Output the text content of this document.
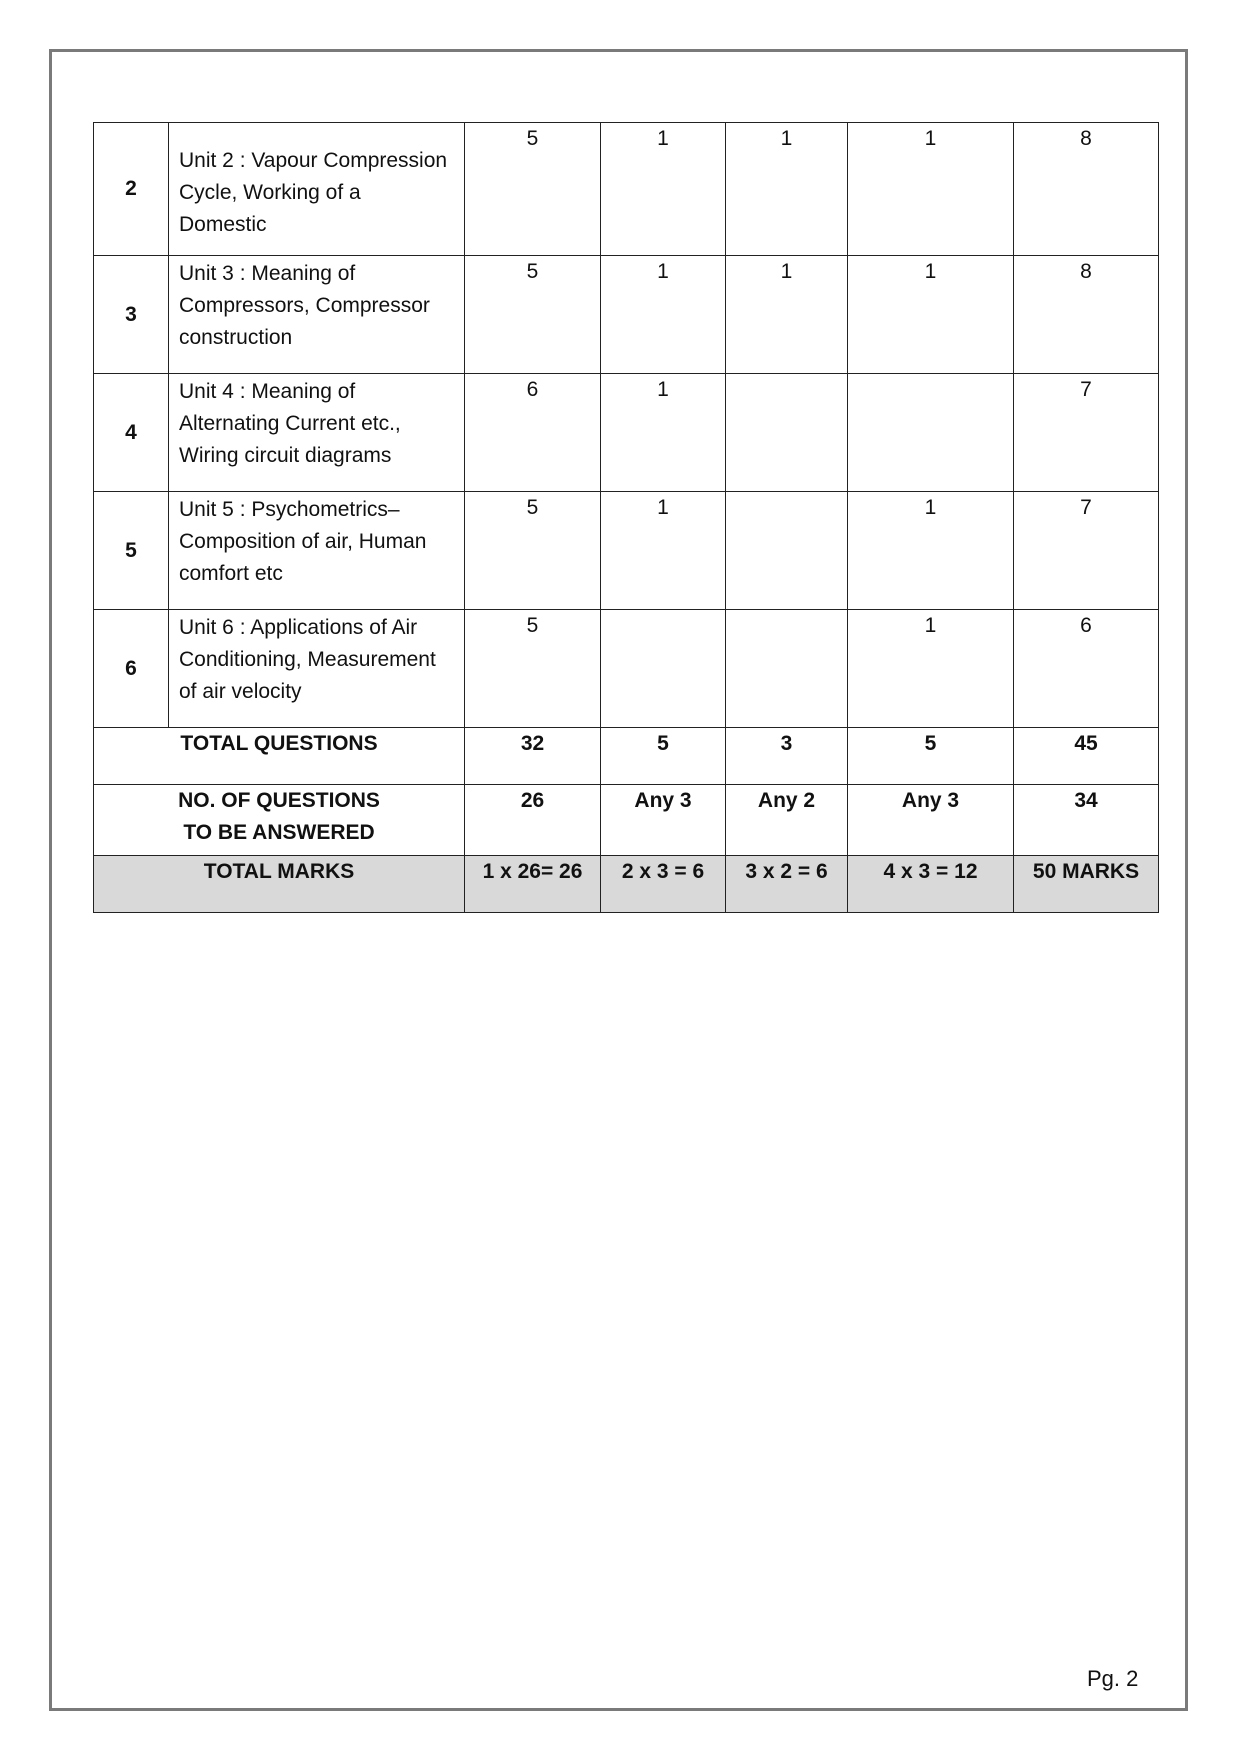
2	Unit 2 : Vapour Compression
Cycle, Working of a Domestic	5	1	1	1	8
3	Unit 3 : Meaning of
Compressors, Compressor
construction	5	1	1	1	8
4	Unit 4 : Meaning of
Alternating Current etc.,
Wiring circuit diagrams	6	1			7
5	Unit 5 : Psychometrics–
Composition of air, Human
comfort etc	5	1		1	7
6	Unit 6 : Applications of Air
Conditioning, Measurement
of air velocity	5			1	6
TOTAL QUESTIONS		32	5	3	5	45

NO. OF QUESTIONS
TO BE ANSWERED		26	Any 3	Any 2	Any 3	34
TOTAL MARKS		1 x 26= 26	2 x 3 = 6	3 x 2 = 6	4 x 3 = 12	50 MARKS
Pg. 2
